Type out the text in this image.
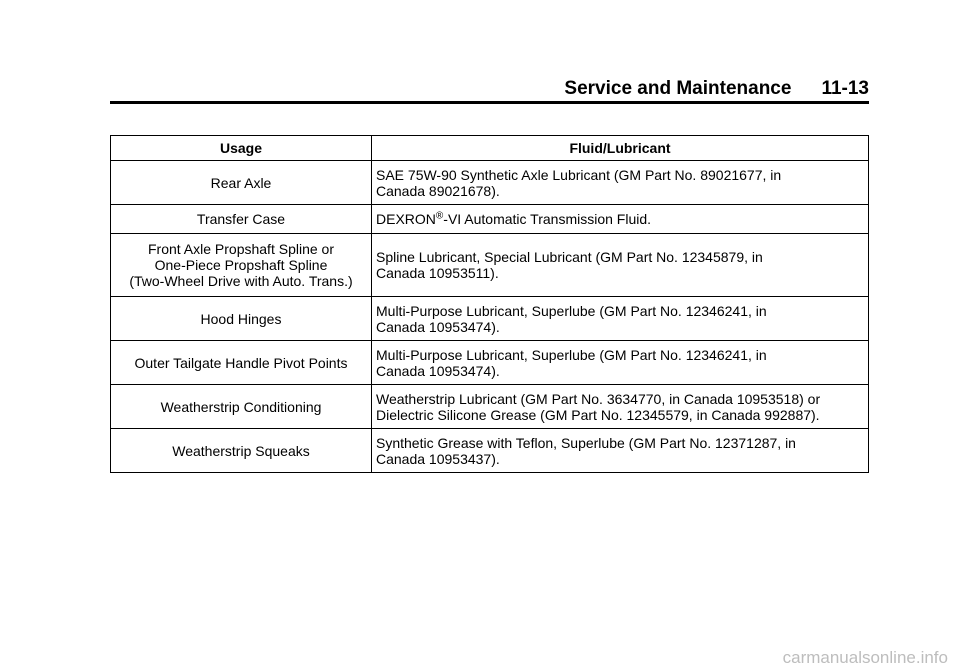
Service and Maintenance 11-13
Usage	Fluid/Lubricant

Rear Axle	SAE 75W-90 Synthetic Axle Lubricant (GM Part No. 89021677, in
Canada 89021678).

Transfer Case	DEXRON®-VI Automatic Transmission Fluid.

Front Axle Propshaft Spline or
One-Piece Propshaft Spline
(Two-Wheel Drive with Auto. Trans.)	Spline Lubricant, Special Lubricant (GM Part No. 12345879, in
Canada 10953511).

Hood Hinges	Multi-Purpose Lubricant, Superlube (GM Part No. 12346241, in
Canada 10953474).

Outer Tailgate Handle Pivot Points	Multi-Purpose Lubricant, Superlube (GM Part No. 12346241, in
Canada 10953474).

Weatherstrip Conditioning	Weatherstrip Lubricant (GM Part No. 3634770, in Canada 10953518) or
Dielectric Silicone Grease (GM Part No. 12345579, in Canada 992887).

Weatherstrip Squeaks	Synthetic Grease with Teflon, Superlube (GM Part No. 12371287, in
Canada 10953437).
carmanualsonline.info
